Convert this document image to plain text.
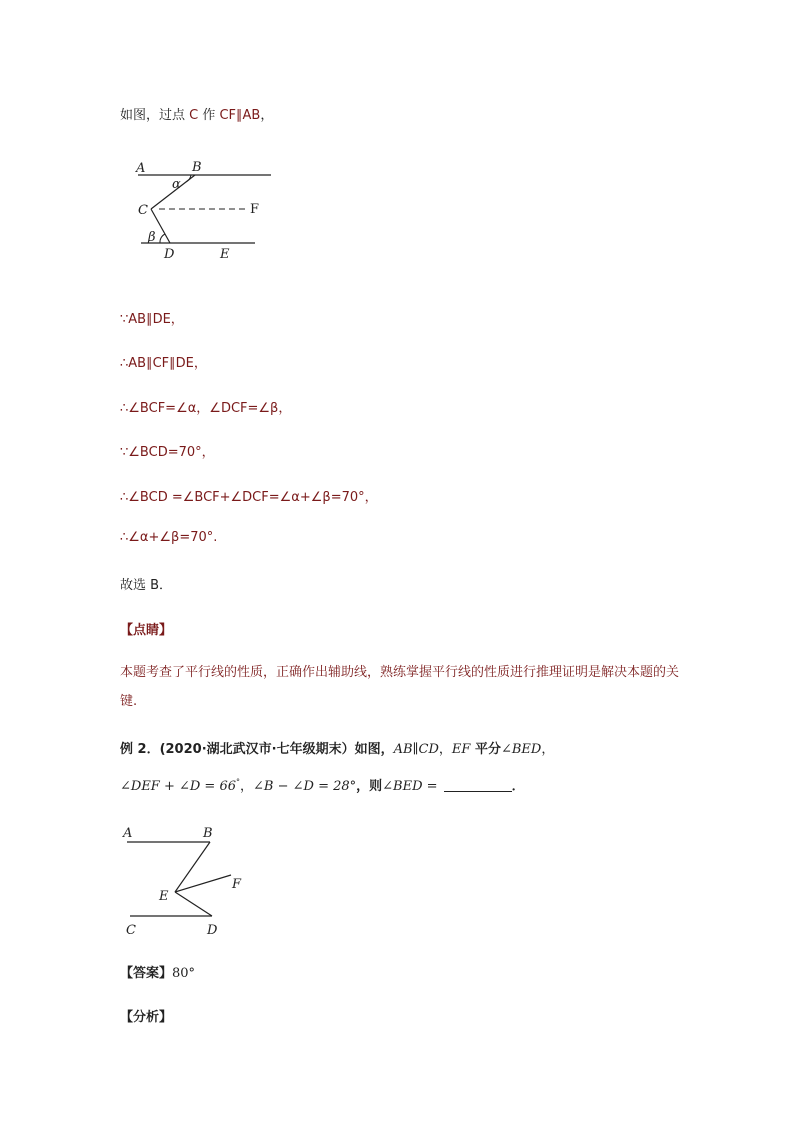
如图，过点 C 作 CF∥AB，
A	B
α
C	F
β
D	E
∵AB∥DE，
∴AB∥CF∥DE，
∴∠BCF=∠α，∠DCF=∠β，
∵∠BCD=70°，
∴∠BCD =∠BCF+∠DCF=∠α+∠β=70°，
∴∠α+∠β=70°.
故选 B．
【点睛】
本题考查了平行线的性质，正确作出辅助线，熟练掌握平行线的性质进行推理证明是解决本题的关键.
例 2．(2020·湖北武汉市·七年级期末）如图，AB∥CD，EF 平分∠BED，
∠DEF + ∠D = 66°，∠B − ∠D = 28°，则∠BED =	．
A	B
E
F
C	D
【答案】80°
【分析】
